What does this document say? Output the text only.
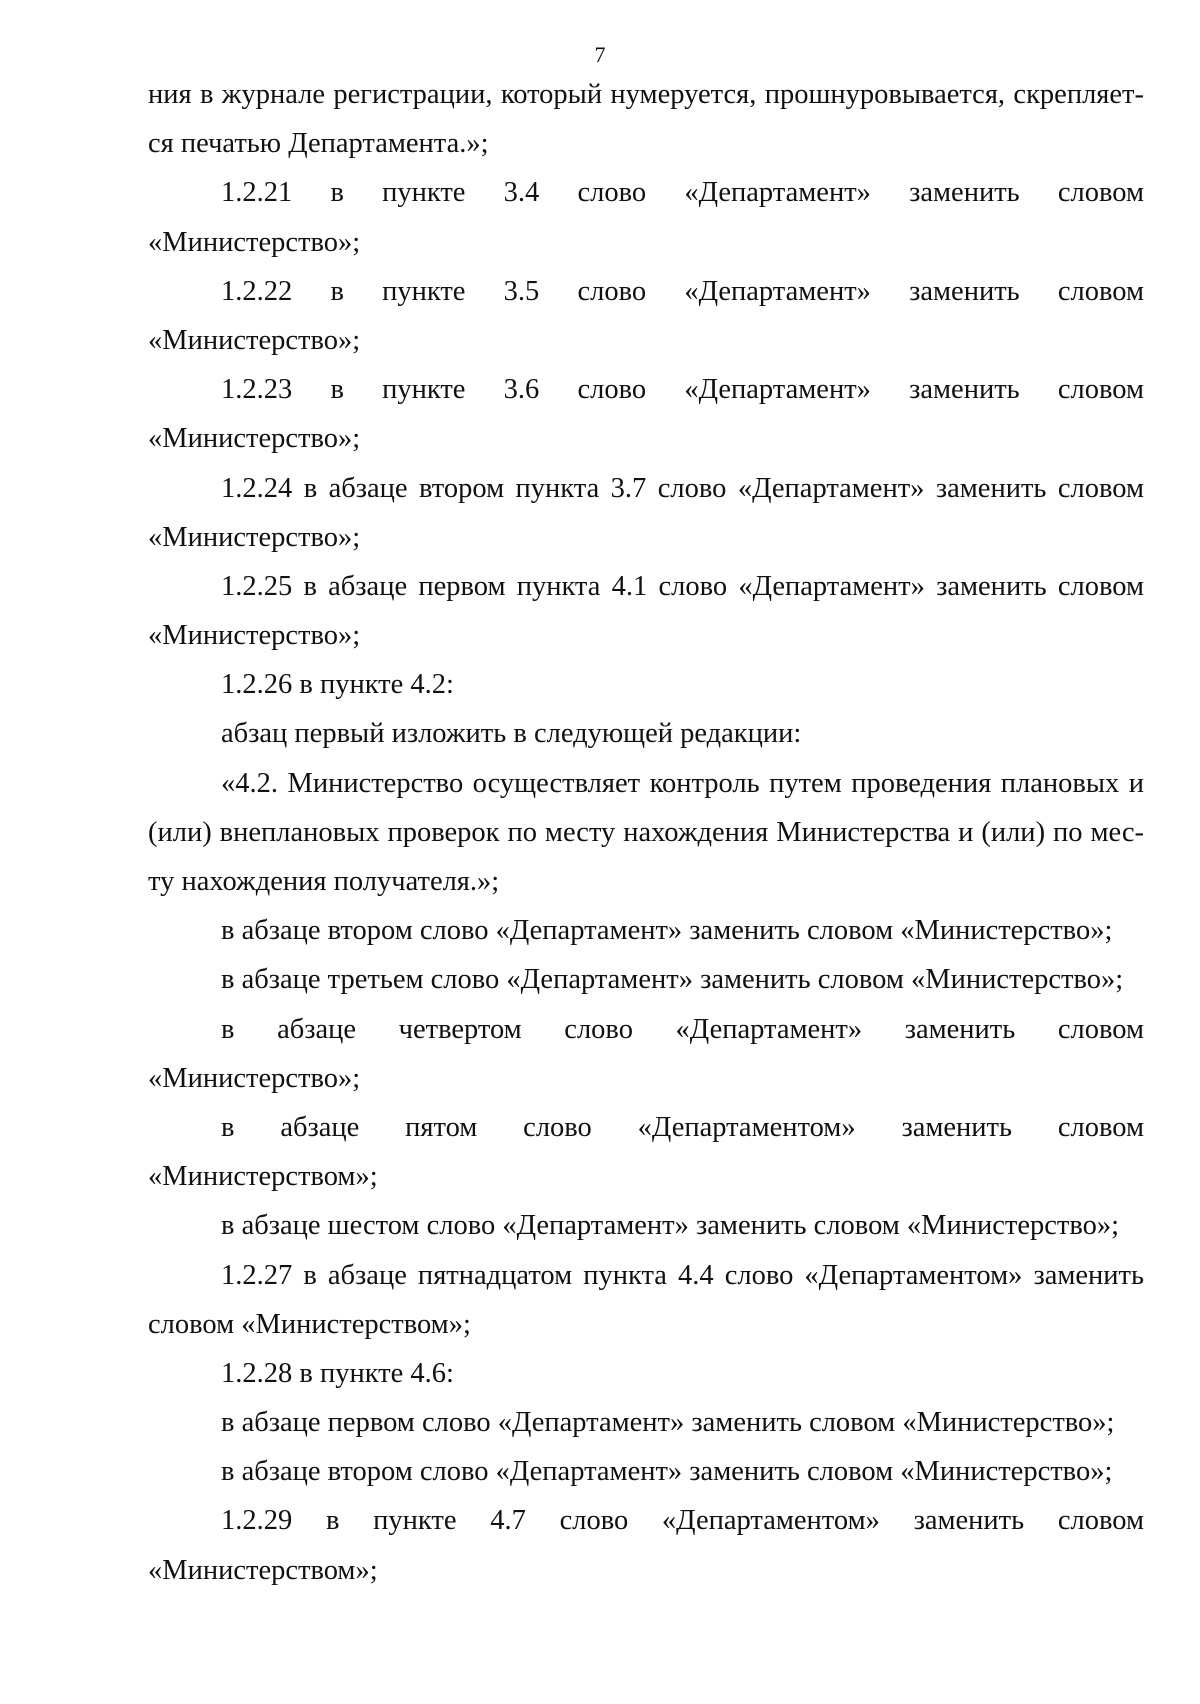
7
ния в журнале регистрации, который нумеруется, прошнуровывается, скрепляет-
ся печатью Департамента.»;
1.2.21 в пункте 3.4 слово «Департамент» заменить словом
«Министерство»;
1.2.22 в пункте 3.5 слово «Департамент» заменить словом
«Министерство»;
1.2.23 в пункте 3.6 слово «Департамент» заменить словом
«Министерство»;
1.2.24 в абзаце втором пункта 3.7 слово «Департамент» заменить словом
«Министерство»;
1.2.25 в абзаце первом пункта 4.1 слово «Департамент» заменить словом
«Министерство»;
1.2.26 в пункте 4.2:
абзац первый изложить в следующей редакции:
«4.2. Министерство осуществляет контроль путем проведения плановых и
(или) внеплановых проверок по месту нахождения Министерства и (или) по мес-
ту нахождения получателя.»;
в абзаце втором слово «Департамент» заменить словом «Министерство»;
в абзаце третьем слово «Департамент» заменить словом «Министерство»;
в абзаце четвертом слово «Департамент» заменить словом
«Министерство»;
в абзаце пятом слово «Департаментом» заменить словом
«Министерством»;
в абзаце шестом слово «Департамент» заменить словом «Министерство»;
1.2.27 в абзаце пятнадцатом пункта 4.4 слово «Департаментом» заменить
словом «Министерством»;
1.2.28 в пункте 4.6:
в абзаце первом слово «Департамент» заменить словом «Министерство»;
в абзаце втором слово «Департамент» заменить словом «Министерство»;
1.2.29 в пункте 4.7 слово «Департаментом» заменить словом
«Министерством»;
